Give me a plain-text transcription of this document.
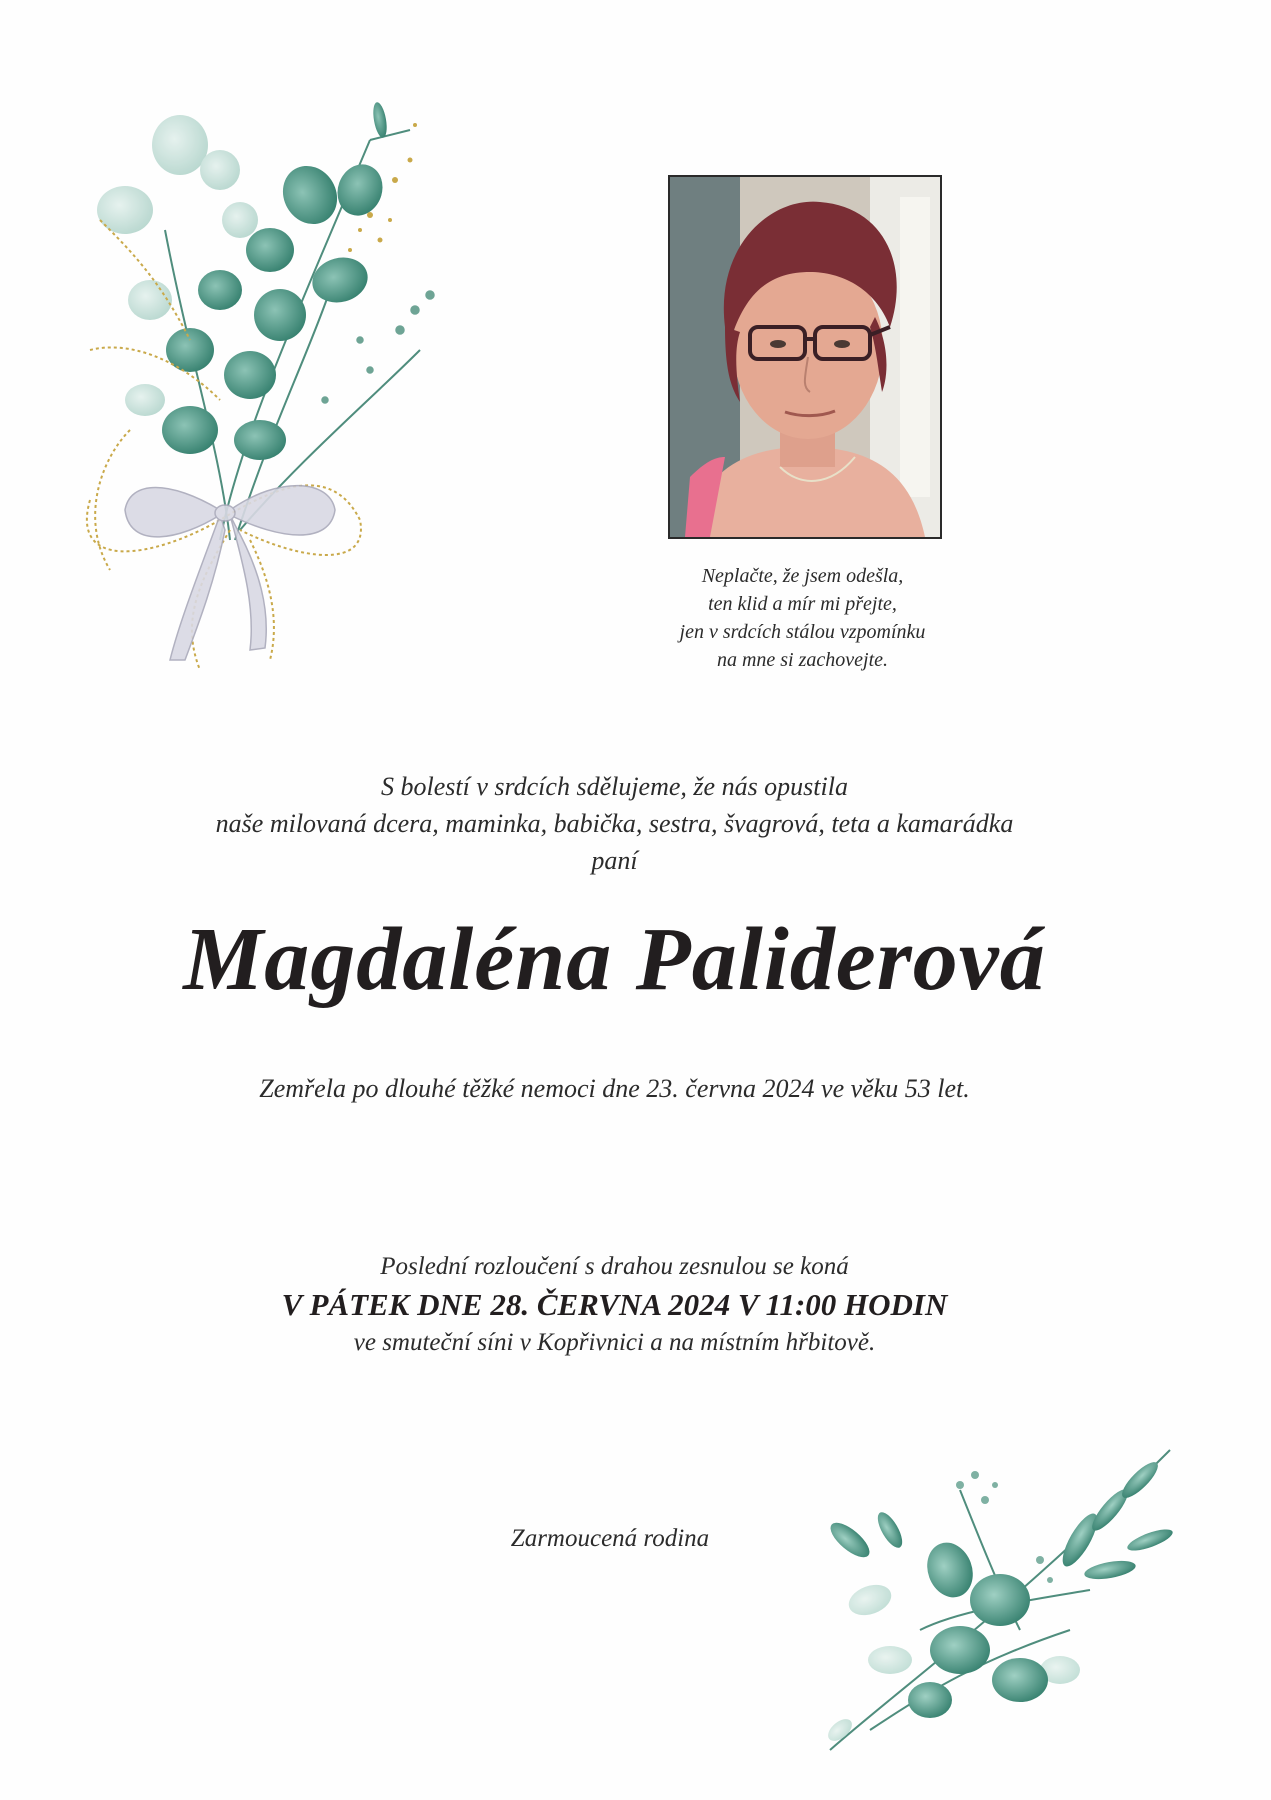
Neplačte, že jsem odešla,
ten klid a mír mi přejte,
jen v srdcích stálou vzpomínku
na mne si zachovejte.
S bolestí v srdcích sdělujeme, že nás opustila
naše milovaná dcera, maminka, babička, sestra, švagrová, teta a kamarádka
paní
Magdaléna Paliderová
Zemřela po dlouhé těžké nemoci dne 23. června 2024 ve věku 53 let.
Poslední rozloučení s drahou zesnulou se koná
V PÁTEK DNE 28. ČERVNA 2024 V 11:00 HODIN
ve smuteční síni v Kopřivnici a na místním hřbitově.
Zarmoucená rodina
